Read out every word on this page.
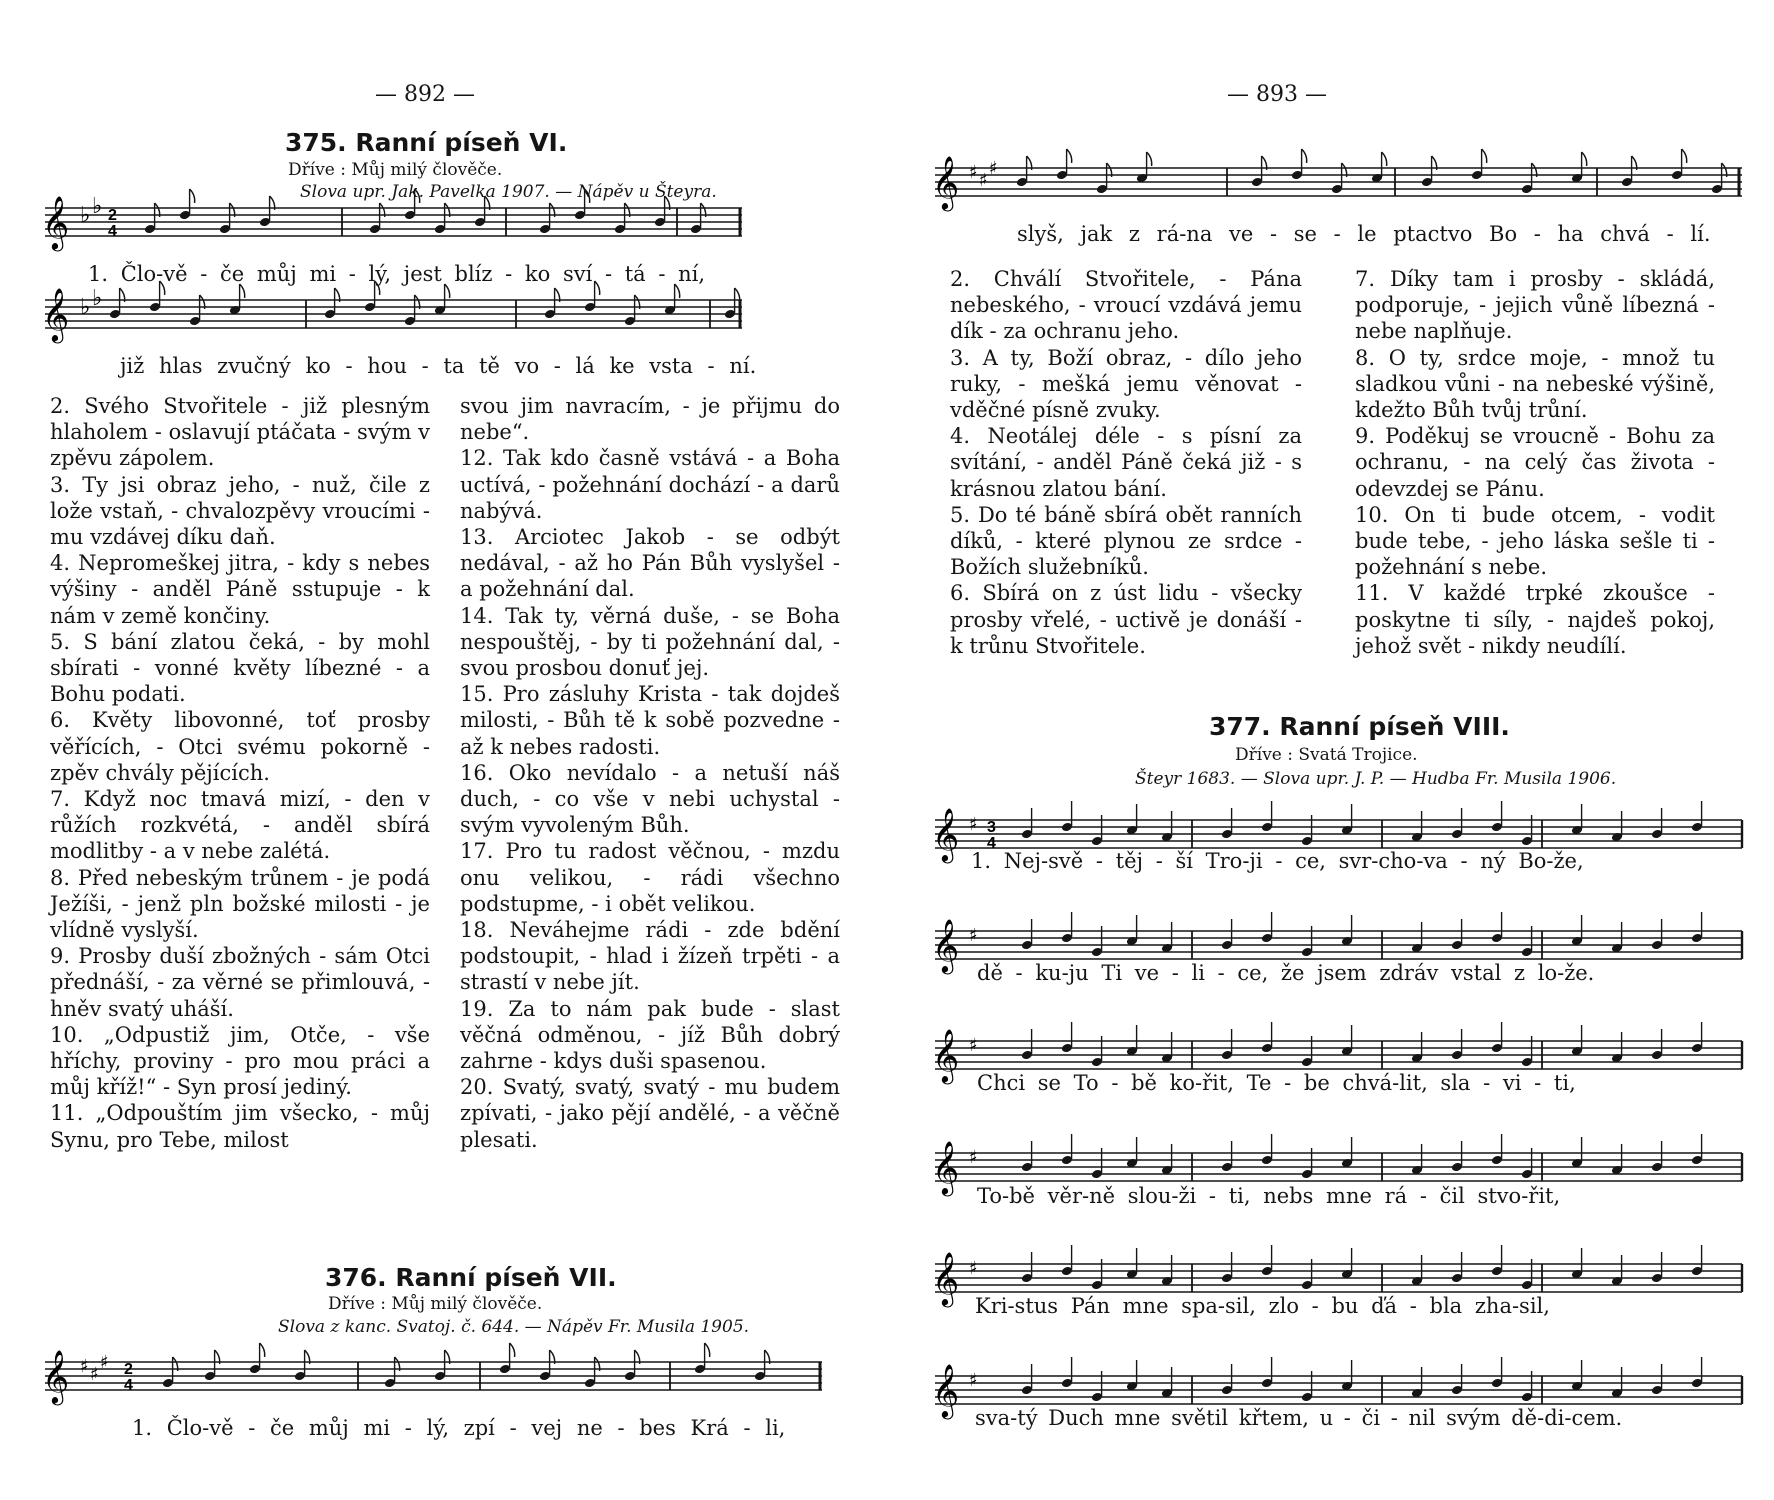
— 892 —
375. Ranní píseň VI.
Dříve : Můj milý člověče.
Slova upr. Jak. Pavelka 1907. — Nápěv u Šteyra.
𝄞 ♭ ♭ 2
4
1. Člo-vě - če můj mi - lý, jest blíz - ko sví - tá - ní,
𝄞 ♭ ♭
již hlas zvučný ko - hou - ta tě vo - lá ke vsta - ní.

2. Svého Stvořitele - již plesným hlaholem - oslavují ptáčata - svým v zpěvu zápolem.

3. Ty jsi obraz jeho, - nuž, čile z lože vstaň, - chvalozpěvy vroucími - mu vzdávej díku daň.

4. Nepromeškej jitra, - kdy s nebes výšiny - anděl Páně sstupuje - k nám v země končiny.

5. S bání zlatou čeká, - by mohl sbírati - vonné květy líbezné - a Bohu podati.

6. Květy libovonné, toť prosby věřících, - Otci svému pokorně - zpěv chvály pějících.

7. Když noc tmavá mizí, - den v růžích rozkvétá, - anděl sbírá modlitby - a v nebe zalétá.

8. Před nebeským trůnem - je podá Ježíši, - jenž pln božské milosti - je vlídně vyslyší.

9. Prosby duší zbožných - sám Otci přednáší, - za věrné se přimlouvá, - hněv svatý uháší.

10. „Odpustiž jim, Otče, - vše hříchy, proviny - pro mou práci a můj kříž!“ - Syn prosí jediný.

11. „Odpouštím jim všecko, - můj Synu, pro Tebe, milost

svou jim navracím, - je přijmu do nebe“.

12. Tak kdo časně vstává - a Boha uctívá, - požehnání dochází - a darů nabývá.

13. Arciotec Jakob - se odbýt nedával, - až ho Pán Bůh vyslyšel - a požehnání dal.

14. Tak ty, věrná duše, - se Boha nespouštěj, - by ti požehnání dal, - svou prosbou donuť jej.

15. Pro zásluhy Krista - tak dojdeš milosti, - Bůh tě k sobě pozvedne - až k nebes radosti.

16. Oko nevídalo - a netuší náš duch, - co vše v nebi uchystal - svým vyvoleným Bůh.

17. Pro tu radost věčnou, - mzdu onu velikou, - rádi všechno podstupme, - i obět velikou.

18. Neváhejme rádi - zde bdění podstoupit, - hlad i žízeň trpěti - a strastí v nebe jít.

19. Za to nám pak bude - slast věčná odměnou, - jíž Bůh dobrý zahrne - kdys duši spasenou.

20. Svatý, svatý, svatý - mu budem zpívati, - jako pějí andělé, - a věčně plesati.

376. Ranní píseň VII.
Dříve : Můj milý člověče.
Slova z kanc. Svatoj. č. 644. — Nápěv Fr. Musila 1905.
𝄞 ♯ ♯
♯ 2
4
1. Člo-vě - če můj mi - lý, zpí - vej ne - bes Krá - li,
— 893 —
𝄞 ♯ ♯
♯
slyš, jak z rá-na ve - se - le ptactvo Bo - ha chvá - lí.

2. Chválí Stvořitele, - Pána nebeského, - vroucí vzdává jemu dík - za ochranu jeho.

3. A ty, Boží obraz, - dílo jeho ruky, - mešká jemu věnovat - vděčné písně zvuky.

4. Neotálej déle - s písní za svítání, - anděl Páně čeká již - s krásnou zlatou bání.

5. Do té báně sbírá obět ranních díků, - které plynou ze srdce - Božích služebníků.

6. Sbírá on z úst lidu - všecky prosby vřelé, - uctivě je donáší - k trůnu Stvořitele.

7. Díky tam i prosby - skládá, podporuje, - jejich vůně líbezná - nebe naplňuje.

8. O ty, srdce moje, - množ tu sladkou vůni - na nebeské výšině, kdežto Bůh tvůj trůní.

9. Poděkuj se vroucně - Bohu za ochranu, - na celý čas života - odevzdej se Pánu.

10. On ti bude otcem, - vodit bude tebe, - jeho láska sešle ti - požehnání s nebe.

11. V každé trpké zkoušce - poskytne ti síly, - najdeš pokoj, jehož svět - nikdy neudílí.

377. Ranní píseň VIII.
Dříve : Svatá Trojice.
Šteyr 1683. — Slova upr. J. P. — Hudba Fr. Musila 1906.
𝄞 ♯ 3
4
𝄞 ♯
𝄞 ♯
𝄞 ♯
𝄞 ♯
𝄞 ♯
1. Nej-svě - těj - ší Tro-ji - ce, svr-cho-va - ný Bo-že,
dě - ku-ju Ti ve - li - ce, že jsem zdráv vstal z lo-že.
Chci se To - bě ko-řit, Te - be chvá-lit, sla - vi - ti,
To-bě věr-ně slou-ži - ti, nebs mne rá - čil stvo-řit,
Kri-stus Pán mne spa-sil, zlo - bu ďá - bla zha-sil,
sva-tý Duch mne světil křtem, u - či - nil svým dě-di-cem.
